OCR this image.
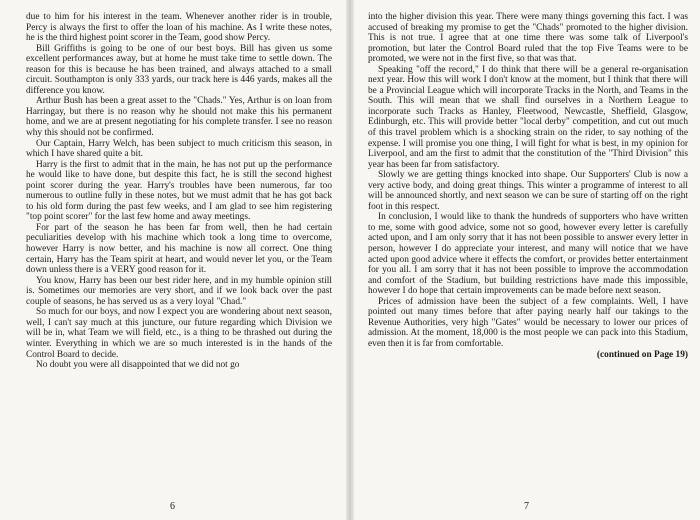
due to him for his interest in the team. Whenever another rider is in trouble, Percy is always the first to offer the loan of his machine. As I write these notes, he is the third highest point scorer in the Team, good show Percy.

Bill Griffiths is going to be one of our best boys. Bill has given us some excellent performances away, but at home he must take time to settle down. The reason for this is because he has been trained, and always attached to a small circuit. Southampton is only 333 yards, our track here is 446 yards, makes all the difference you know.

Arthur Bush has been a great asset to the "Chads." Yes, Arthur is on loan from Harringay, but there is no reason why he should not make this his permanent home, and we are at present negotiating for his complete transfer. I see no reason why this should not be confirmed.

Our Captain, Harry Welch, has been subject to much criticism this season, in which I have shared quite a bit.

Harry is the first to admit that in the main, he has not put up the performance he would like to have done, but despite this fact, he is still the second highest point scorer during the year. Harry's troubles have been numerous, far too numerous to outline fully in these notes, but we must admit that he has got back to his old form during the past few weeks, and I am glad to see him registering "top point scorer" for the last few home and away meetings.

For part of the season he has been far from well, then he had certain peculiarities develop with his machine which took a long time to overcome, however Harry is now better, and his machine is now all correct. One thing certain, Harry has the Team spirit at heart, and would never let you, or the Team down unless there is a VERY good reason for it.

You know, Harry has been our best rider here, and in my humble opinion still is. Sometimes our memories are very short, and if we look back over the past couple of seasons, he has served us as a very loyal "Chad."

So much for our boys, and now I expect you are wondering about next season, well, I can't say much at this juncture, our future regarding which Division we will be in, what Team we will field, etc., is a thing to be thrashed out during the winter. Everything in which we are so much interested is in the hands of the Control Board to decide.

No doubt you were all disappointed that we did not go

6

into the higher division this year. There were many things governing this fact. I was accused of breaking my promise to get the "Chads" promoted to the higher division. This is not true. I agree that at one time there was some talk of Liverpool's promotion, but later the Control Board ruled that the top Five Teams were to be promoted, we were not in the first five, so that was that.

Speaking "off the record," I do think that there will be a general re-organisation next year. How this will work I don't know at the moment, but I think that there will be a Provincial League which will incorporate Tracks in the North, and Teams in the South. This will mean that we shall find ourselves in a Northern League to incorporate such Tracks as Hanley, Fleetwood, Newcastle, Sheffield, Glasgow, Edinburgh, etc. This will provide better "local derby" competition, and cut out much of this travel problem which is a shocking strain on the rider, to say nothing of the expense. I will promise you one thing, I will fight for what is best, in my opinion for Liverpool, and am the first to admit that the constitution of the "Third Division" this year has been far from satisfactory.

Slowly we are getting things knocked into shape. Our Supporters' Club is now a very active body, and doing great things. This winter a programme of interest to all will be announced shortly, and next season we can be sure of starting off on the right foot in this respect.

In conclusion, I would like to thank the hundreds of supporters who have written to me, some with good advice, some not so good, however every letter is carefully acted upon, and I am only sorry that it has not been possible to answer every letter in person, however I do appreciate your interest, and many will notice that we have acted upon good advice where it effects the comfort, or provides better entertainment for you all. I am sorry that it has not been possible to improve the accommodation and comfort of the Stadium, but building restrictions have made this impossible, however I do hope that certain improvements can be made before next season.

Prices of admission have been the subject of a few complaints. Well, I have pointed out many times before that after paying nearly half our takings to the Revenue Authorities, very high "Gates" would be necessary to lower our prices of admission. At the moment, 18,000 is the most people we can pack into this Stadium, even then it is far from comfortable.

(continued on Page 19)
7
